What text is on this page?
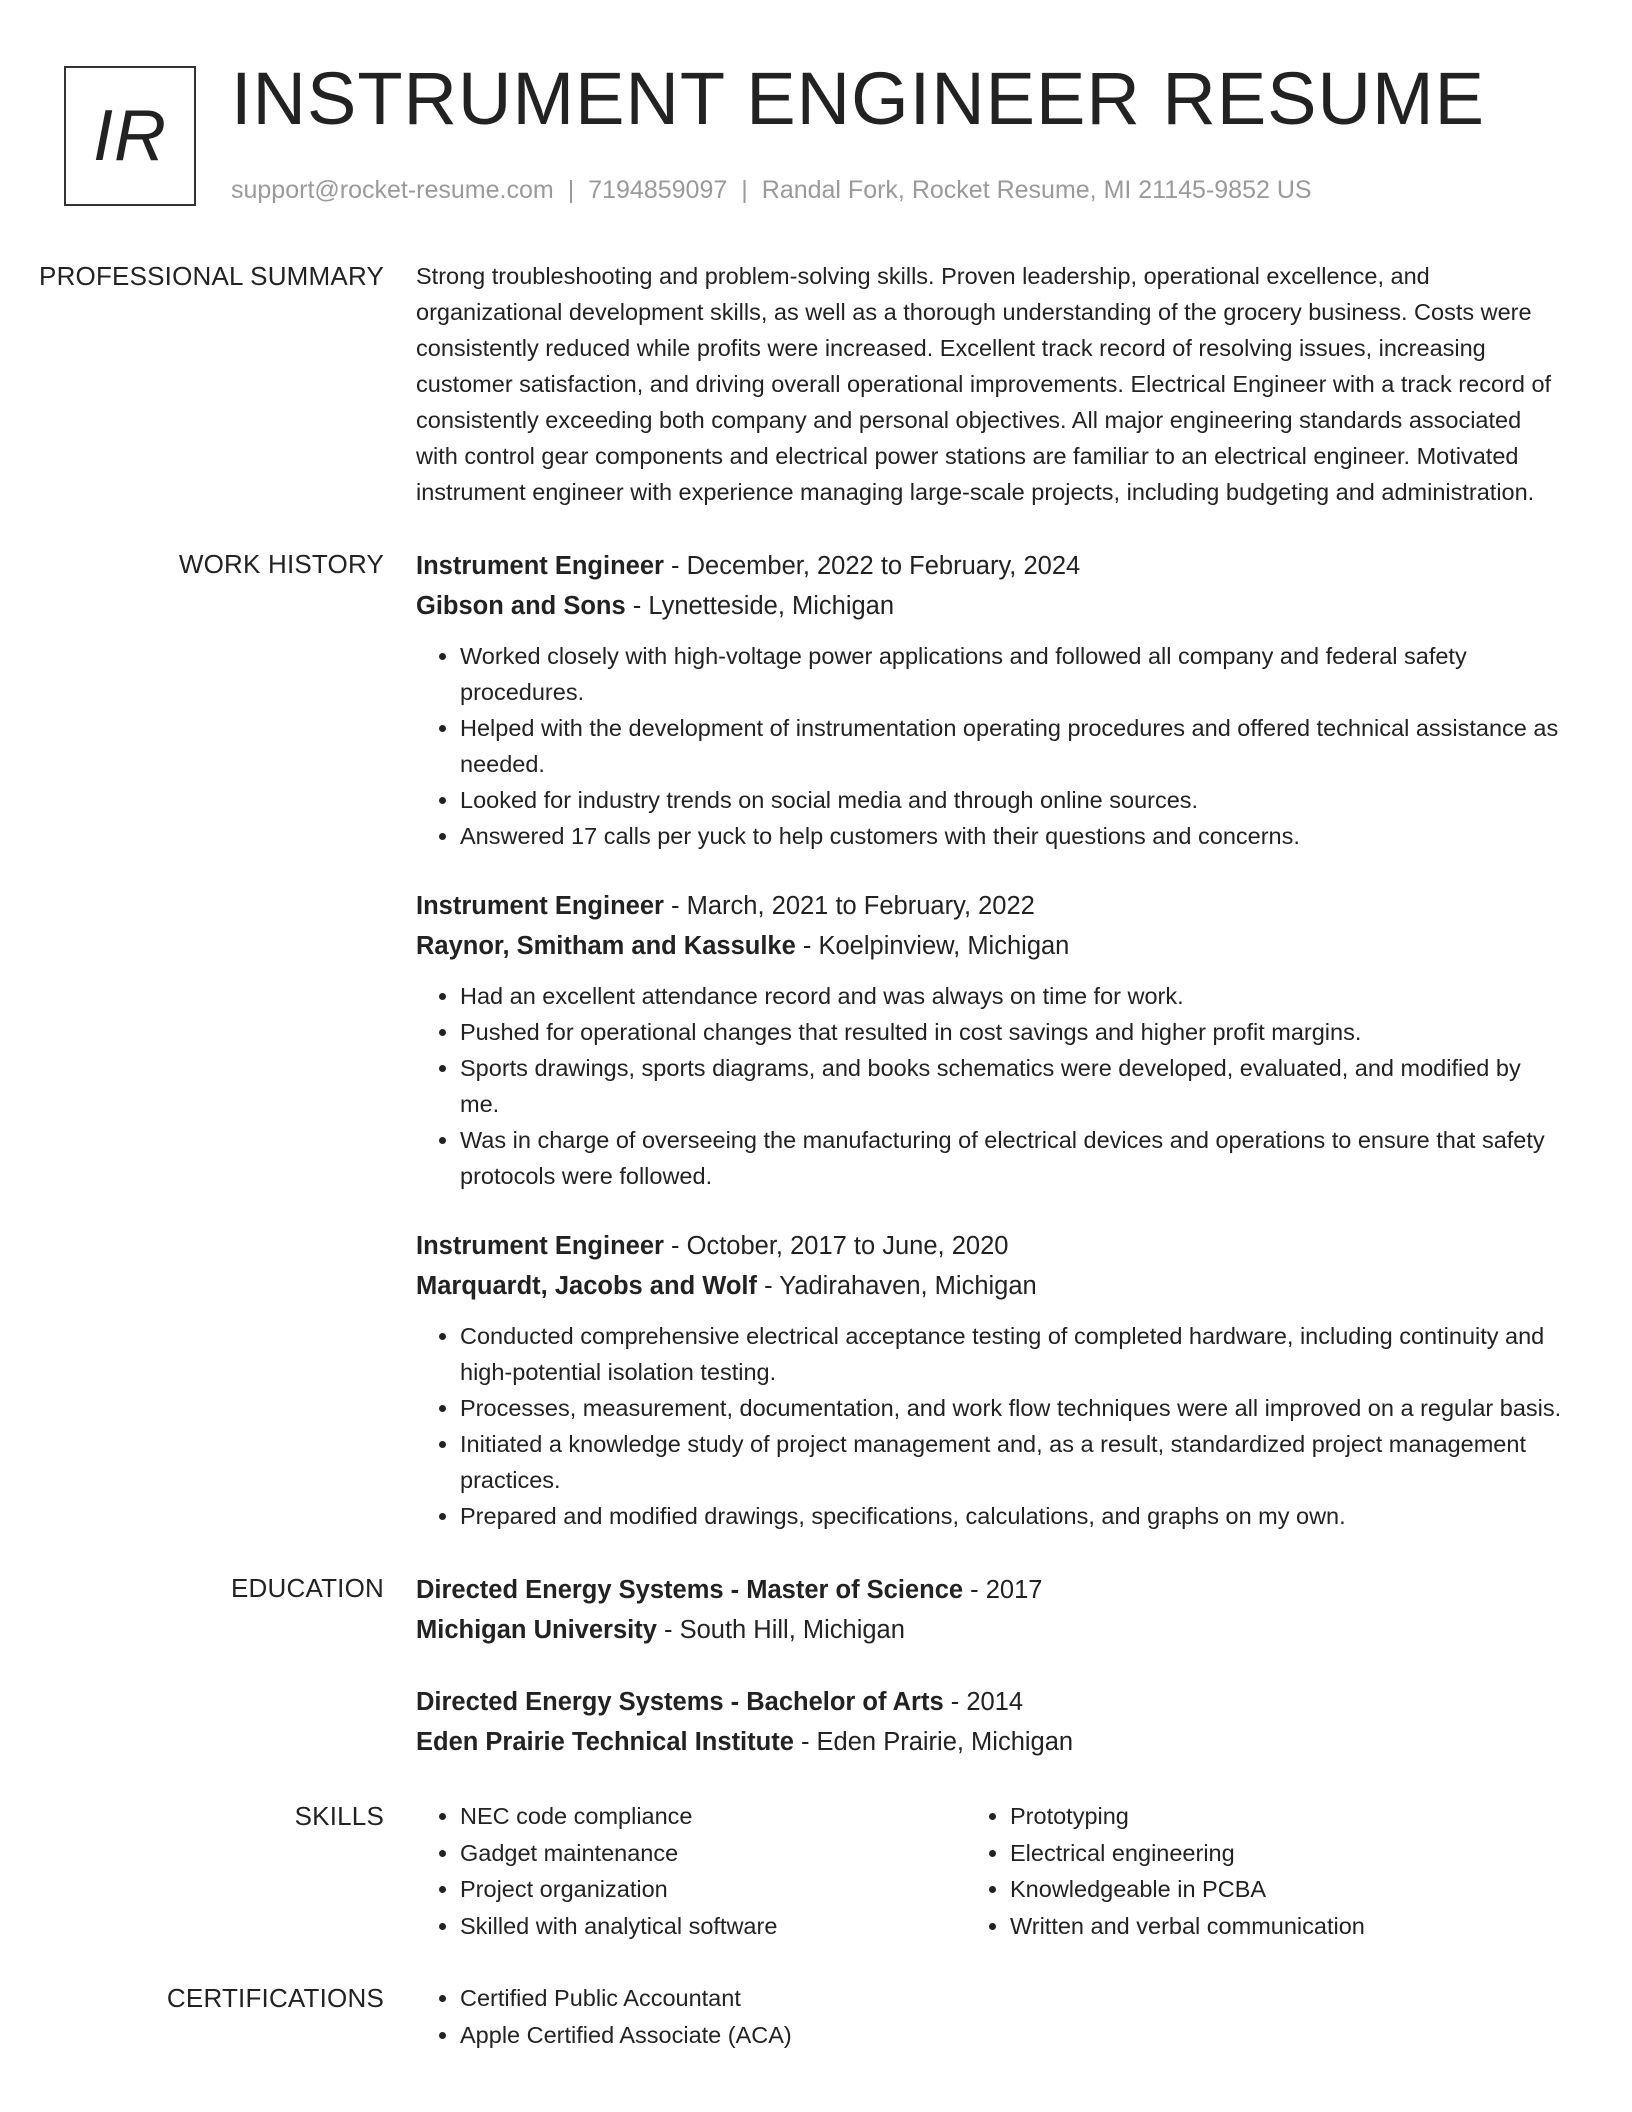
IR INSTRUMENT ENGINEER RESUME
support@rocket-resume.com | 7194859097 | Randal Fork, Rocket Resume, MI 21145-9852 US
PROFESSIONAL SUMMARY	Strong troubleshooting and problem-solving skills. Proven leadership, operational excellence, and organizational development skills, as well as a thorough understanding of the grocery business. Costs were consistently reduced while profits were increased. Excellent track record of resolving issues, increasing customer satisfaction, and driving overall operational improvements. Electrical Engineer with a track record of consistently exceeding both company and personal objectives. All major engineering standards associated with control gear components and electrical power stations are familiar to an electrical engineer. Motivated instrument engineer with experience managing large-scale projects, including budgeting and administration.

WORK HISTORY	Instrument Engineer - December, 2022 to February, 2024
Gibson and Sons - Lynetteside, Michigan
• Worked closely with high-voltage power applications and followed all company and federal safety procedures.
• Helped with the development of instrumentation operating procedures and offered technical assistance as needed.
• Looked for industry trends on social media and through online sources.
• Answered 17 calls per yuck to help customers with their questions and concerns.
Instrument Engineer - March, 2021 to February, 2022
Raynor, Smitham and Kassulke - Koelpinview, Michigan
• Had an excellent attendance record and was always on time for work.
• Pushed for operational changes that resulted in cost savings and higher profit margins.
• Sports drawings, sports diagrams, and books schematics were developed, evaluated, and modified by me.
• Was in charge of overseeing the manufacturing of electrical devices and operations to ensure that safety protocols were followed.
Instrument Engineer - October, 2017 to June, 2020
Marquardt, Jacobs and Wolf - Yadirahaven, Michigan
• Conducted comprehensive electrical acceptance testing of completed hardware, including continuity and high-potential isolation testing.
• Processes, measurement, documentation, and work flow techniques were all improved on a regular basis.
• Initiated a knowledge study of project management and, as a result, standardized project management practices.
• Prepared and modified drawings, specifications, calculations, and graphs on my own.
EDUCATION	Directed Energy Systems - Master of Science - 2017
Michigan University - South Hill, Michigan
Directed Energy Systems - Bachelor of Arts - 2014
Eden Prairie Technical Institute - Eden Prairie, Michigan
SKILLS	• NEC code compliance
• Gadget maintenance
• Project organization
• Skilled with analytical software
• Prototyping
• Electrical engineering
• Knowledgeable in PCBA
• Written and verbal communication
CERTIFICATIONS	• Certified Public Accountant
• Apple Certified Associate (ACA)
